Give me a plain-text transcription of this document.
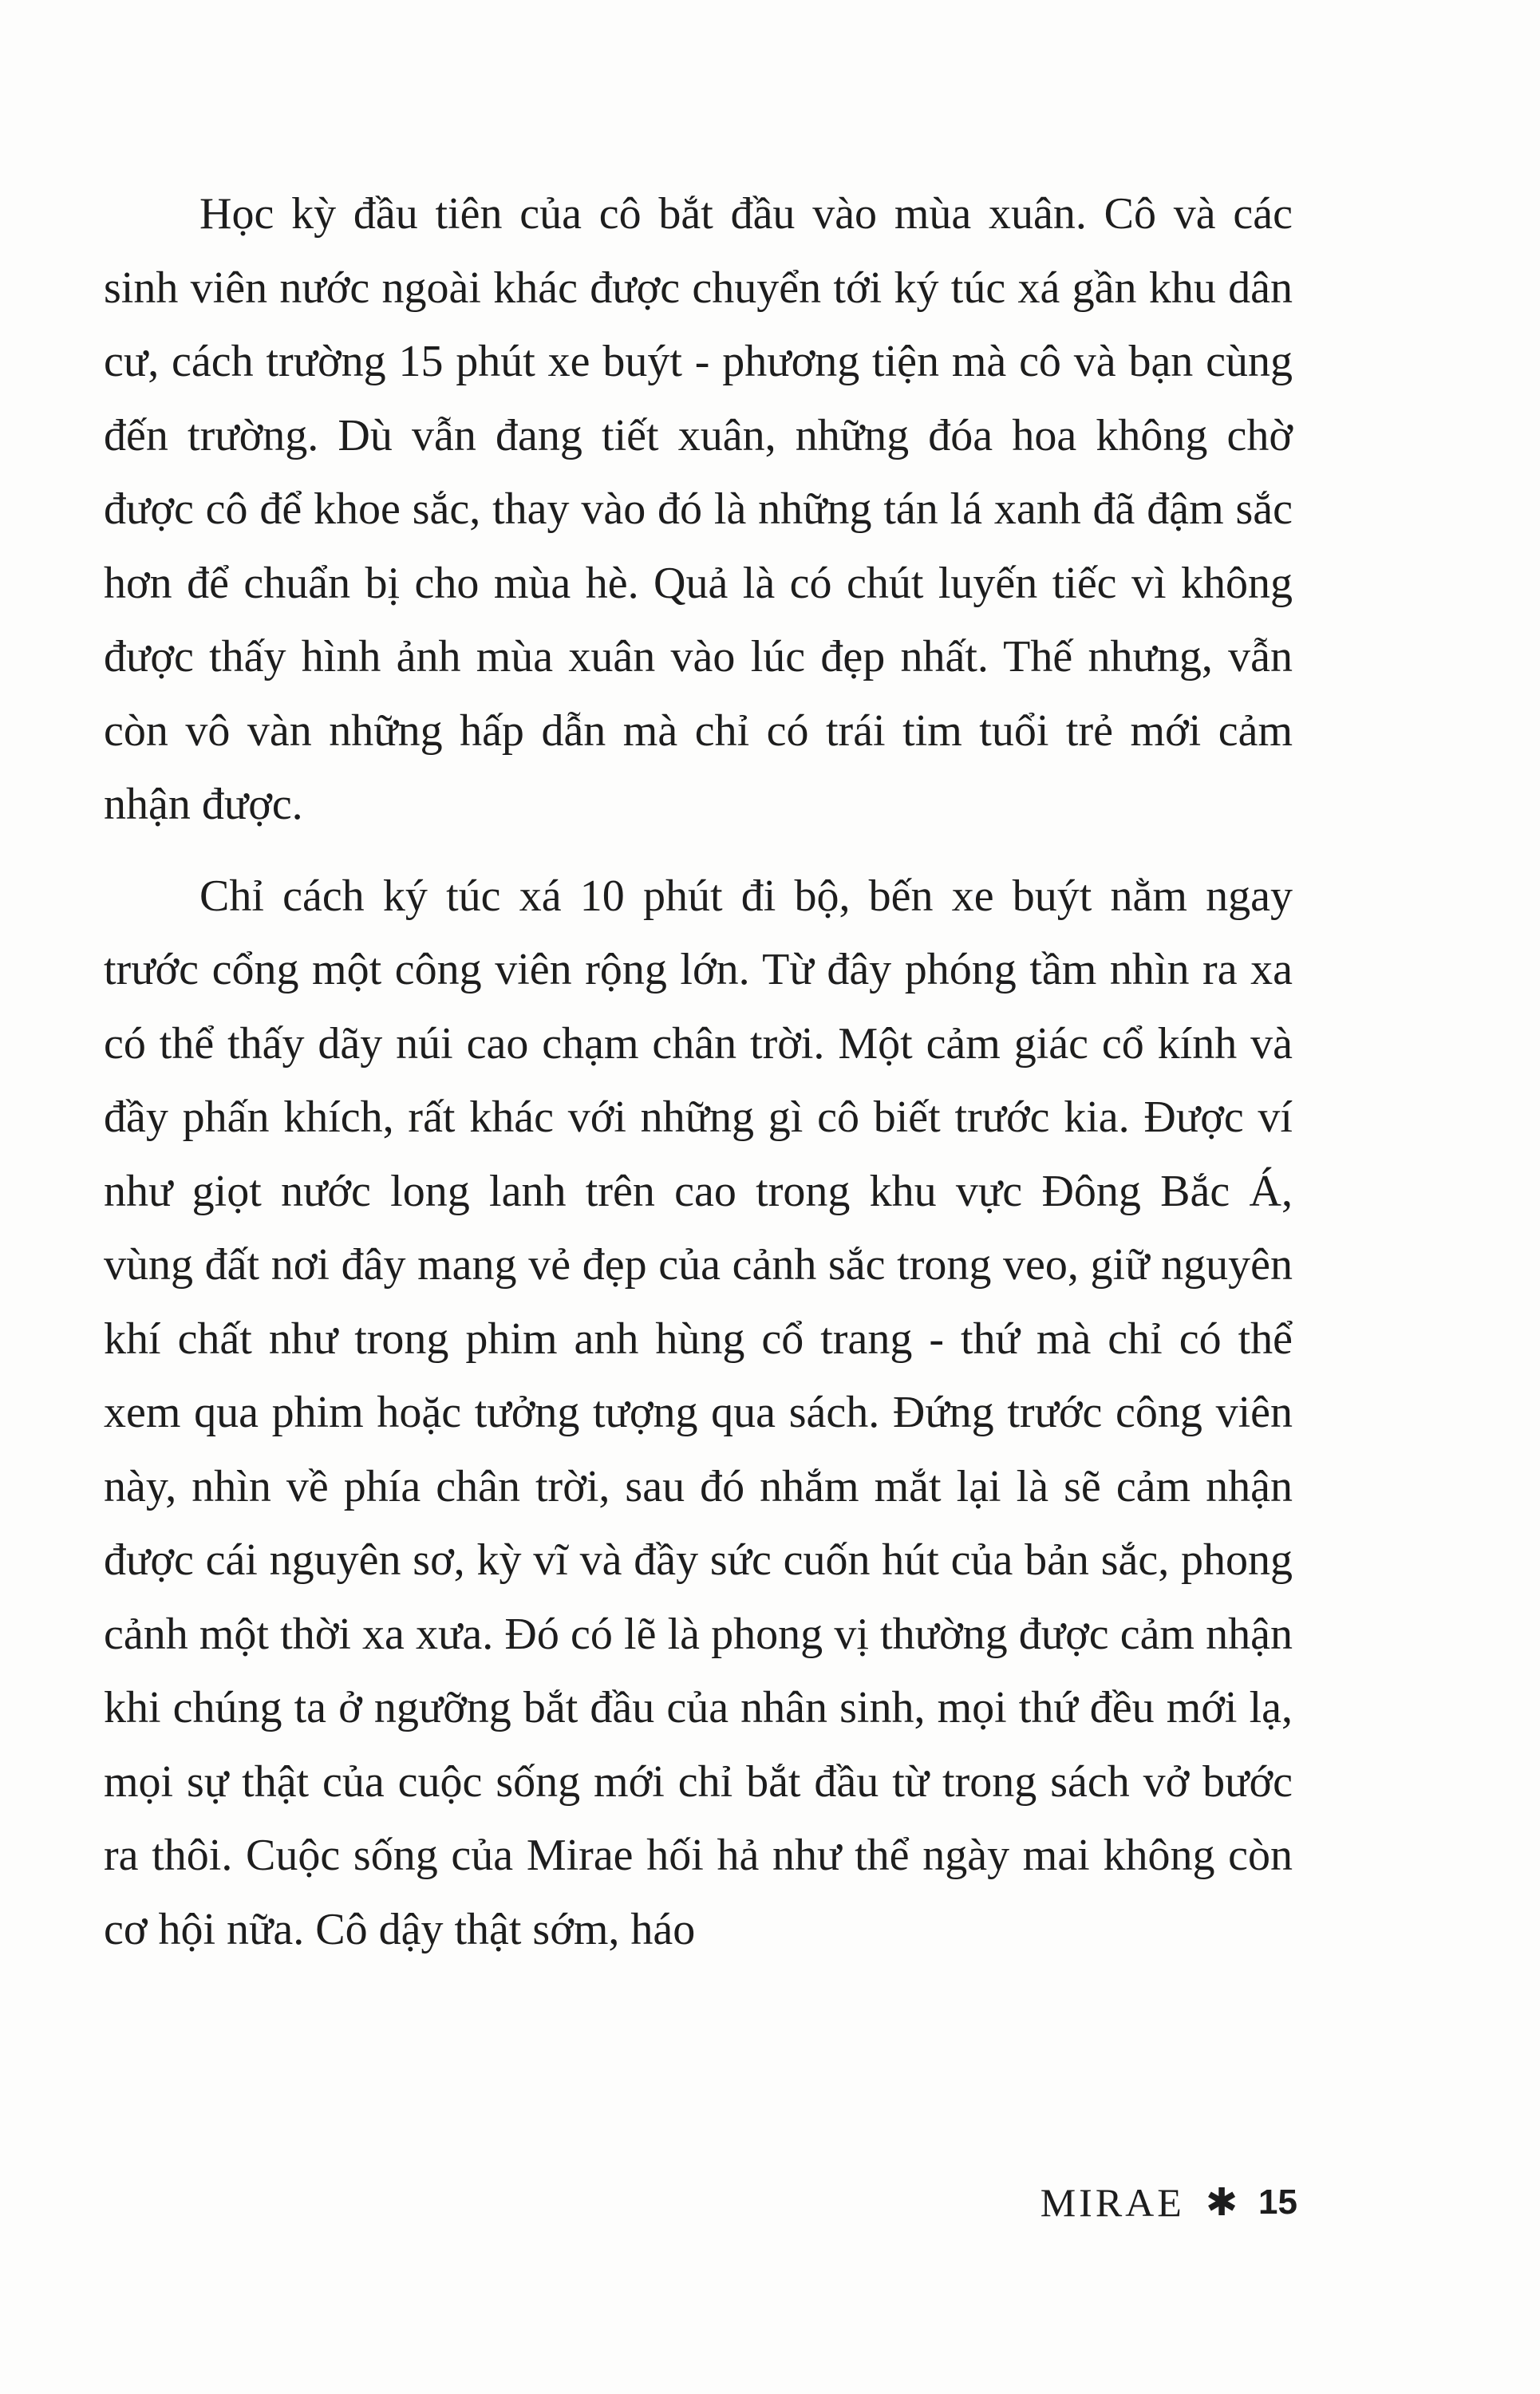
Học kỳ đầu tiên của cô bắt đầu vào mùa xuân. Cô và các sinh viên nước ngoài khác được chuyển tới ký túc xá gần khu dân cư, cách trường 15 phút xe buýt - phương tiện mà cô và bạn cùng đến trường. Dù vẫn đang tiết xuân, những đóa hoa không chờ được cô để khoe sắc, thay vào đó là những tán lá xanh đã đậm sắc hơn để chuẩn bị cho mùa hè. Quả là có chút luyến tiếc vì không được thấy hình ảnh mùa xuân vào lúc đẹp nhất. Thế nhưng, vẫn còn vô vàn những hấp dẫn mà chỉ có trái tim tuổi trẻ mới cảm nhận được.

Chỉ cách ký túc xá 10 phút đi bộ, bến xe buýt nằm ngay trước cổng một công viên rộng lớn. Từ đây phóng tầm nhìn ra xa có thể thấy dãy núi cao chạm chân trời. Một cảm giác cổ kính và đầy phấn khích, rất khác với những gì cô biết trước kia. Được ví như giọt nước long lanh trên cao trong khu vực Đông Bắc Á, vùng đất nơi đây mang vẻ đẹp của cảnh sắc trong veo, giữ nguyên khí chất như trong phim anh hùng cổ trang - thứ mà chỉ có thể xem qua phim hoặc tưởng tượng qua sách. Đứng trước công viên này, nhìn về phía chân trời, sau đó nhắm mắt lại là sẽ cảm nhận được cái nguyên sơ, kỳ vĩ và đầy sức cuốn hút của bản sắc, phong cảnh một thời xa xưa. Đó có lẽ là phong vị thường được cảm nhận khi chúng ta ở ngưỡng bắt đầu của nhân sinh, mọi thứ đều mới lạ, mọi sự thật của cuộc sống mới chỉ bắt đầu từ trong sách vở bước ra thôi. Cuộc sống của Mirae hối hả như thể ngày mai không còn cơ hội nữa. Cô dậy thật sớm, háo

MIRAE ✱ 15
